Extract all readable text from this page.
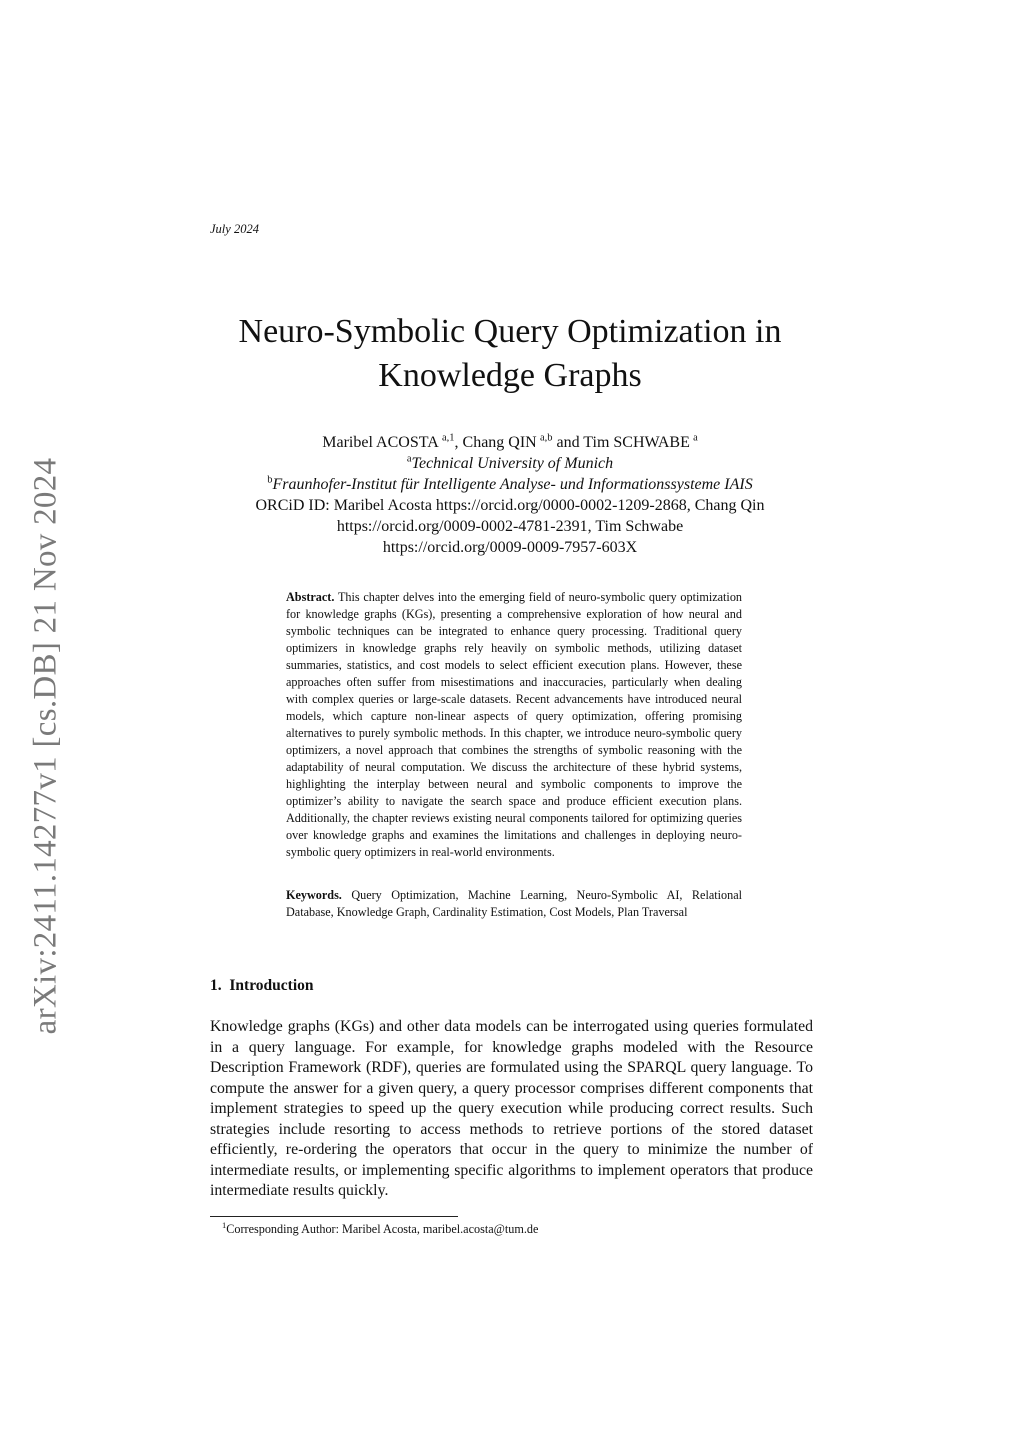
arXiv:2411.14277v1 [cs.DB] 21 Nov 2024
July 2024
Neuro-Symbolic Query Optimization in
Knowledge Graphs
Maribel ACOSTA  $^{a,1}$, Chang QIN  $^{a,b}$ and Tim SCHWABE  $^a$
$^a$Technical University of Munich
$^b$Fraunhofer-Institut für Intelligente Analyse- und Informationssysteme IAIS
ORCiD ID: Maribel Acosta https://orcid.org/0000-0002-1209-2868, Chang Qin
https://orcid.org/0009-0002-4781-2391, Tim Schwabe
https://orcid.org/0009-0009-7957-603X
Abstract. This chapter delves into the emerging field of neuro-symbolic query optimization for knowledge graphs (KGs), presenting a comprehensive exploration of how neural and symbolic techniques can be integrated to enhance query processing. Traditional query optimizers in knowledge graphs rely heavily on symbolic methods, utilizing dataset summaries, statistics, and cost models to select efficient execution plans. However, these approaches often suffer from misestimations and inaccuracies, particularly when dealing with complex queries or large-scale datasets. Recent advancements have introduced neural models, which capture non-linear aspects of query optimization, offering promising alternatives to purely symbolic methods. In this chapter, we introduce neuro-symbolic query optimizers, a novel approach that combines the strengths of symbolic reasoning with the adaptability of neural computation. We discuss the architecture of these hybrid systems, highlighting the interplay between neural and symbolic components to improve the optimizer’s ability to navigate the search space and produce efficient execution plans. Additionally, the chapter reviews existing neural components tailored for optimizing queries over knowledge graphs and examines the limitations and challenges in deploying neuro-symbolic query optimizers in real-world environments.
Keywords. Query Optimization, Machine Learning, Neuro-Symbolic AI, Relational Database, Knowledge Graph, Cardinality Estimation, Cost Models, Plan Traversal
1. Introduction
Knowledge graphs (KGs) and other data models can be interrogated using queries formulated in a query language. For example, for knowledge graphs modeled with the Resource Description Framework (RDF), queries are formulated using the SPARQL query language. To compute the answer for a given query, a query processor comprises different components that implement strategies to speed up the query execution while producing correct results. Such strategies include resorting to access methods to retrieve portions of the stored dataset efficiently, re-ordering the operators that occur in the query to minimize the number of intermediate results, or implementing specific algorithms to implement operators that produce intermediate results quickly.
$^1$Corresponding Author: Maribel Acosta, maribel.acosta@tum.de
